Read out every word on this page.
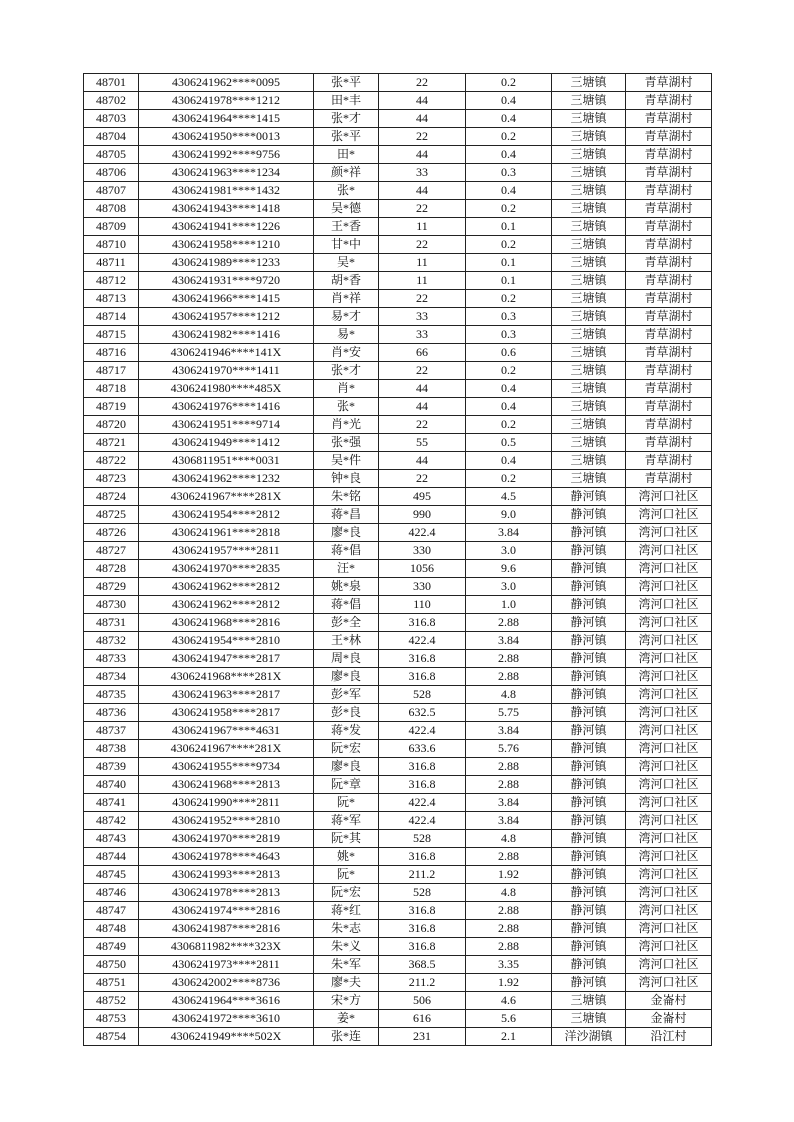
48701	4306241962****0095	张*平	22	0.2	三塘镇	青草湖村
48702	4306241978****1212	田*丰	44	0.4	三塘镇	青草湖村
48703	4306241964****1415	张*才	44	0.4	三塘镇	青草湖村
48704	4306241950****0013	张*平	22	0.2	三塘镇	青草湖村
48705	4306241992****9756	田*	44	0.4	三塘镇	青草湖村
48706	4306241963****1234	颜*祥	33	0.3	三塘镇	青草湖村
48707	4306241981****1432	张*	44	0.4	三塘镇	青草湖村
48708	4306241943****1418	吴*德	22	0.2	三塘镇	青草湖村
48709	4306241941****1226	王*香	11	0.1	三塘镇	青草湖村
48710	4306241958****1210	甘*中	22	0.2	三塘镇	青草湖村
48711	4306241989****1233	吴*	11	0.1	三塘镇	青草湖村
48712	4306241931****9720	胡*香	11	0.1	三塘镇	青草湖村
48713	4306241966****1415	肖*祥	22	0.2	三塘镇	青草湖村
48714	4306241957****1212	易*才	33	0.3	三塘镇	青草湖村
48715	4306241982****1416	易*	33	0.3	三塘镇	青草湖村
48716	4306241946****141X	肖*安	66	0.6	三塘镇	青草湖村
48717	4306241970****1411	张*才	22	0.2	三塘镇	青草湖村
48718	4306241980****485X	肖*	44	0.4	三塘镇	青草湖村
48719	4306241976****1416	张*	44	0.4	三塘镇	青草湖村
48720	4306241951****9714	肖*光	22	0.2	三塘镇	青草湖村
48721	4306241949****1412	张*强	55	0.5	三塘镇	青草湖村
48722	4306811951****0031	吴*件	44	0.4	三塘镇	青草湖村
48723	4306241962****1232	钟*良	22	0.2	三塘镇	青草湖村
48724	4306241967****281X	朱*铭	495	4.5	静河镇	湾河口社区
48725	4306241954****2812	蒋*昌	990	9.0	静河镇	湾河口社区
48726	4306241961****2818	廖*良	422.4	3.84	静河镇	湾河口社区
48727	4306241957****2811	蒋*倡	330	3.0	静河镇	湾河口社区
48728	4306241970****2835	汪*	1056	9.6	静河镇	湾河口社区
48729	4306241962****2812	姚*泉	330	3.0	静河镇	湾河口社区
48730	4306241962****2812	蒋*倡	110	1.0	静河镇	湾河口社区
48731	4306241968****2816	彭*全	316.8	2.88	静河镇	湾河口社区
48732	4306241954****2810	王*林	422.4	3.84	静河镇	湾河口社区
48733	4306241947****2817	周*良	316.8	2.88	静河镇	湾河口社区
48734	4306241968****281X	廖*良	316.8	2.88	静河镇	湾河口社区
48735	4306241963****2817	彭*军	528	4.8	静河镇	湾河口社区
48736	4306241958****2817	彭*良	632.5	5.75	静河镇	湾河口社区
48737	4306241967****4631	蒋*发	422.4	3.84	静河镇	湾河口社区
48738	4306241967****281X	阮*宏	633.6	5.76	静河镇	湾河口社区
48739	4306241955****9734	廖*良	316.8	2.88	静河镇	湾河口社区
48740	4306241968****2813	阮*章	316.8	2.88	静河镇	湾河口社区
48741	4306241990****2811	阮*	422.4	3.84	静河镇	湾河口社区
48742	4306241952****2810	蒋*军	422.4	3.84	静河镇	湾河口社区
48743	4306241970****2819	阮*其	528	4.8	静河镇	湾河口社区
48744	4306241978****4643	姚*	316.8	2.88	静河镇	湾河口社区
48745	4306241993****2813	阮*	211.2	1.92	静河镇	湾河口社区
48746	4306241978****2813	阮*宏	528	4.8	静河镇	湾河口社区
48747	4306241974****2816	蒋*红	316.8	2.88	静河镇	湾河口社区
48748	4306241987****2816	朱*志	316.8	2.88	静河镇	湾河口社区
48749	4306811982****323X	朱*义	316.8	2.88	静河镇	湾河口社区
48750	4306241973****2811	朱*军	368.5	3.35	静河镇	湾河口社区
48751	4306242002****8736	廖*夫	211.2	1.92	静河镇	湾河口社区
48752	4306241964****3616	宋*方	506	4.6	三塘镇	金崙村
48753	4306241972****3610	姜*	616	5.6	三塘镇	金崙村
48754	4306241949****502X	张*连	231	2.1	洋沙湖镇	沿江村
